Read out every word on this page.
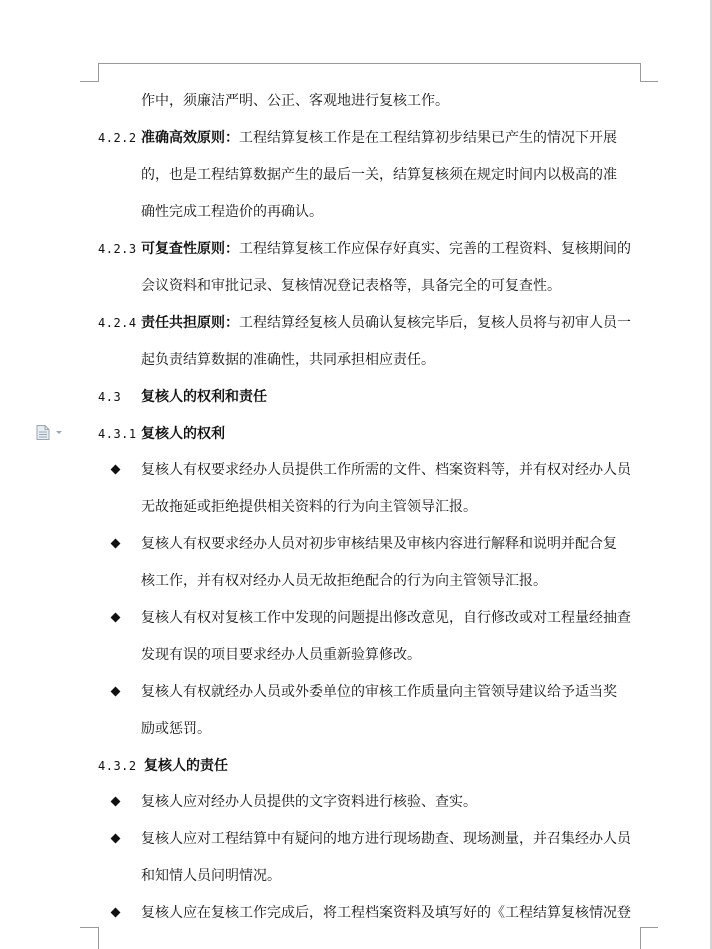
作中，须廉洁严明、公正、客观地进行复核工作。
4.2.2 准确高效原则：工程结算复核工作是在工程结算初步结果已产生的情况下开展
的，也是工程结算数据产生的最后一关，结算复核须在规定时间内以极高的准
确性完成工程造价的再确认。
4.2.3 可复查性原则：工程结算复核工作应保存好真实、完善的工程资料、复核期间的
会议资料和审批记录、复核情况登记表格等，具备完全的可复查性。
4.2.4 责任共担原则：工程结算经复核人员确认复核完毕后，复核人员将与初审人员一
起负责结算数据的准确性，共同承担相应责任。
4.3 复核人的权利和责任
4.3.1 复核人的权利
复核人有权要求经办人员提供工作所需的文件、档案资料等，并有权对经办人员
无故拖延或拒绝提供相关资料的行为向主管领导汇报。
复核人有权要求经办人员对初步审核结果及审核内容进行解释和说明并配合复
核工作，并有权对经办人员无故拒绝配合的行为向主管领导汇报。
复核人有权对复核工作中发现的问题提出修改意见，自行修改或对工程量经抽查
发现有误的项目要求经办人员重新验算修改。
复核人有权就经办人员或外委单位的审核工作质量向主管领导建议给予适当奖
励或惩罚。
4.3.2 复核人的责任
复核人应对经办人员提供的文字资料进行核验、查实。
复核人应对工程结算中有疑问的地方进行现场勘查、现场测量，并召集经办人员
和知情人员问明情况。
复核人应在复核工作完成后，将工程档案资料及填写好的《工程结算复核情况登
